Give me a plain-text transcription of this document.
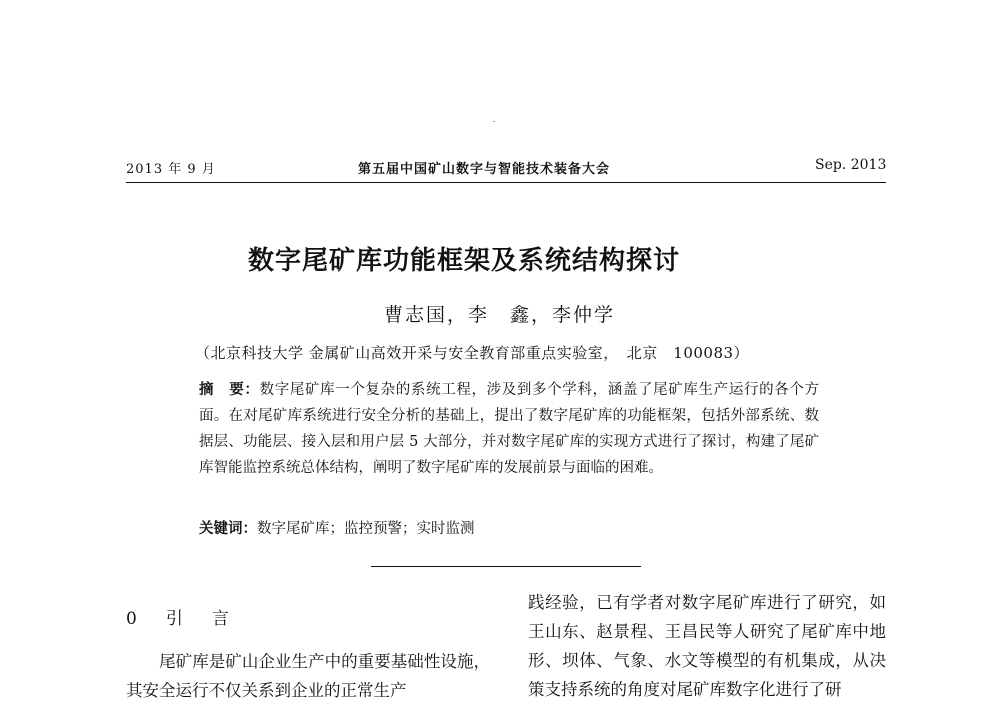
2013 年 9 月	第五届中国矿山数字与智能技术装备大会	Sep. 2013
数字尾矿库功能框架及系统结构探讨
曹志国，李　鑫，李仲学
（北京科技大学 金属矿山高效开采与安全教育部重点实验室，　北京　100083）
摘　要：数字尾矿库一个复杂的系统工程，涉及到多个学科，涵盖了尾矿库生产运行的各个方面。在对尾矿库系统进行安全分析的基础上，提出了数字尾矿库的功能框架，包括外部系统、数据层、功能层、接入层和用户层 5 大部分，并对数字尾矿库的实现方式进行了探讨，构建了尾矿库智能监控系统总体结构，阐明了数字尾矿库的发展前景与面临的困难。
关键词：数字尾矿库；监控预警；实时监测
0　引　言
　　尾矿库是矿山企业生产中的重要基础性设施，其安全运行不仅关系到企业的正常生产
践经验，已有学者对数字尾矿库进行了研究，如王山东、赵景程、王昌民等人研究了尾矿库中地形、坝体、气象、水文等模型的有机集成，从决策支持系统的角度对尾矿库数字化进行了研
